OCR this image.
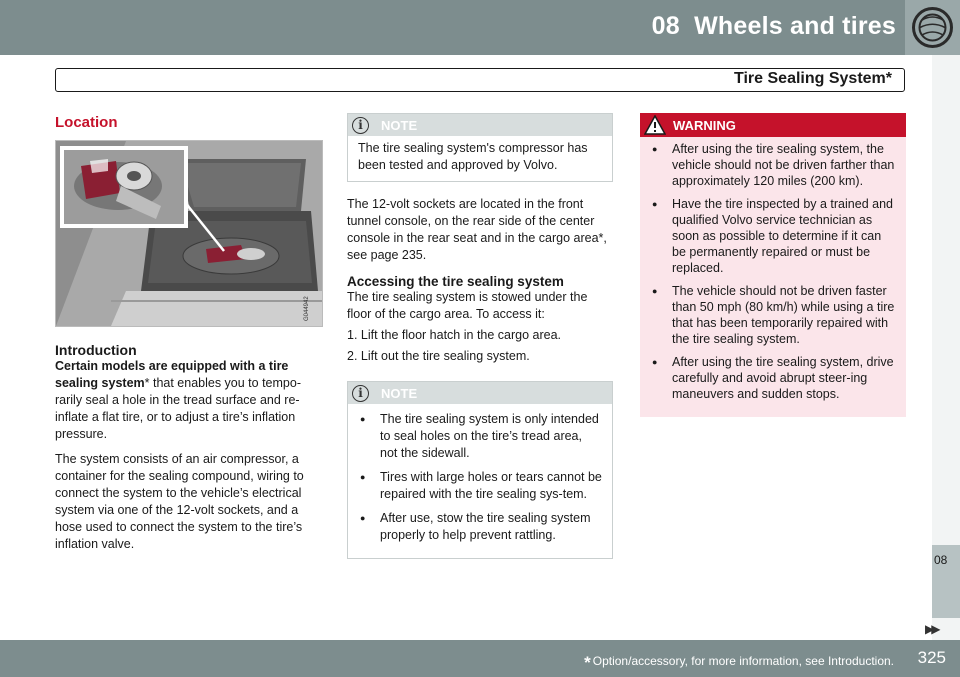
08 Wheels and tires
Tire Sealing System*
08
▶▶
Location
G044942
Introduction

Certain models are equipped with a tire sealing system* that enables you to tempo-rarily seal a hole in the tread surface and re-inflate a flat tire, or to adjust a tire’s inflation pressure.

The system consists of an air compressor, a container for the sealing compound, wiring to connect the system to the vehicle’s electrical system via one of the 12-volt sockets, and a hose used to connect the system to the tire’s inflation valve.

i	NOTE
The tire sealing system's compressor has been tested and approved by Volvo.

The 12-volt sockets are located in the front tunnel console, on the rear side of the center console in the rear seat and in the cargo area*, see page 235.

Accessing the tire sealing system

The tire sealing system is stowed under the floor of the cargo area. To access it:

1. Lift the floor hatch in the cargo area.
2. Lift out the tire sealing system.
i	NOTE
● The tire sealing system is only intended to seal holes on the tire’s tread area, not the sidewall.
● Tires with large holes or tears cannot be repaired with the tire sealing sys-tem.
● After use, stow the tire sealing system properly to help prevent rattling.
WARNING
● After using the tire sealing system, the vehicle should not be driven farther than approximately 120 miles (200 km).
● Have the tire inspected by a trained and qualified Volvo service technician as soon as possible to determine if it can be permanently repaired or must be replaced.
● The vehicle should not be driven faster than 50 mph (80 km/h) while using a tire that has been temporarily repaired with the tire sealing system.
● After using the tire sealing system, drive carefully and avoid abrupt steer-ing maneuvers and sudden stops.
* Option/accessory, for more information, see Introduction. 325
